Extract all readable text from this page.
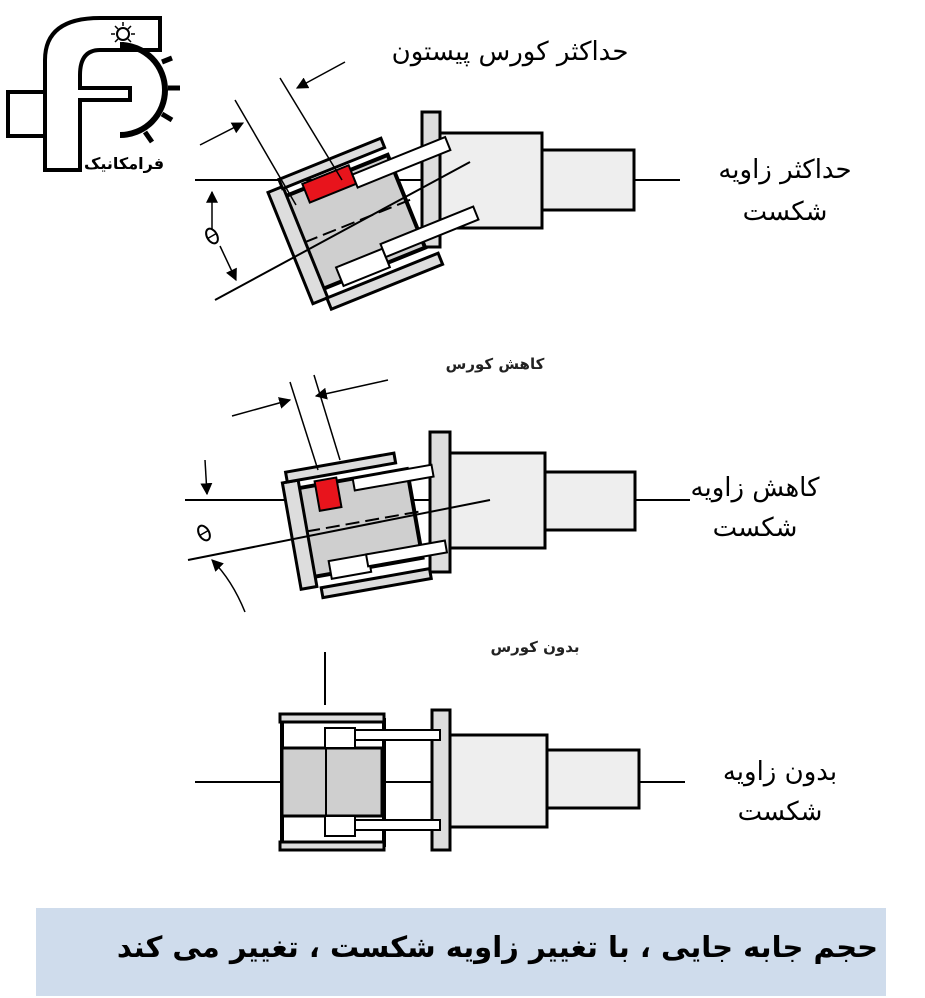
فرامکانیک
حداکثر کورس پیستون
حداکثر زاویه
شکست
کاهش کورس
کاهش زاویه
شکست
بدون کورس
بدون زاویه
شکست
حجم جابه جایی ، با تغییر زاویه شکست ، تغییر می کند
